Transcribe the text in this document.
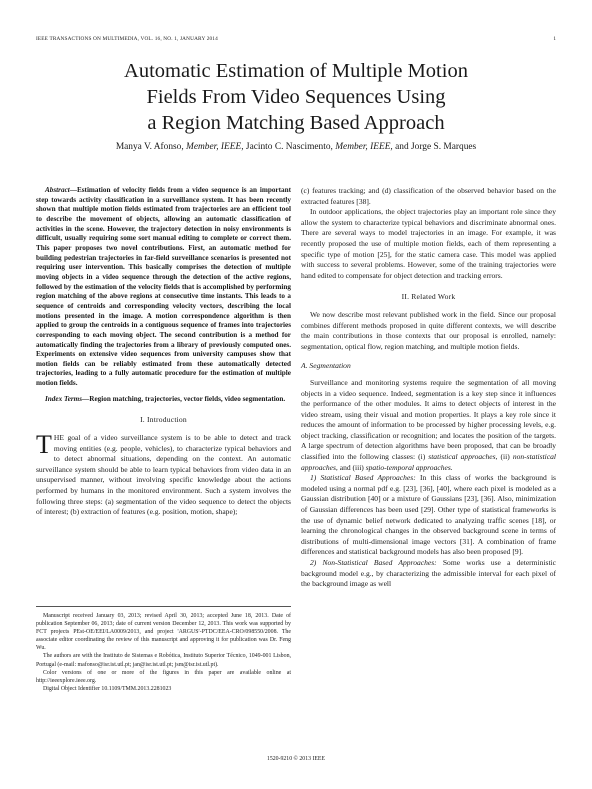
IEEE TRANSACTIONS ON MULTIMEDIA, VOL. 16, NO. 1, JANUARY 2014	1
Automatic Estimation of Multiple Motion
Fields From Video Sequences Using
a Region Matching Based Approach
Manya V. Afonso, Member, IEEE, Jacinto C. Nascimento, Member, IEEE, and Jorge S. Marques

Abstract—Estimation of velocity fields from a video sequence is an important step towards activity classification in a surveillance system. It has been recently shown that multiple motion fields estimated from trajectories are an efficient tool to describe the movement of objects, allowing an automatic classification of activities in the scene. However, the trajectory detection in noisy environments is difficult, usually requiring some sort manual editing to complete or correct them. This paper proposes two novel contributions. First, an automatic method for building pedestrian trajectories in far-field surveillance scenarios is presented not requiring user intervention. This basically comprises the detection of multiple moving objects in a video sequence through the detection of the active regions, followed by the estimation of the velocity fields that is accomplished by performing region matching of the above regions at consecutive time instants. This leads to a sequence of centroids and corresponding velocity vectors, describing the local motions presented in the image. A motion correspondence algorithm is then applied to group the centroids in a contiguous sequence of frames into trajectories corresponding to each moving object. The second contribution is a method for automatically finding the trajectories from a library of previously computed ones. Experiments on extensive video sequences from university campuses show that motion fields can be reliably estimated from these automatically detected trajectories, leading to a fully automatic procedure for the estimation of multiple motion fields.

Index Terms—Region matching, trajectories, vector fields, video segmentation.

I. Introduction

THE goal of a video surveillance system is to be able to detect and track moving entities (e.g. people, vehicles), to characterize typical behaviors and to detect abnormal situations, depending on the context. An automatic surveillance system should be able to learn typical behaviors from video data in an unsupervised manner, without involving specific knowledge about the actions performed by humans in the monitored environment. Such a system involves the following three steps: (a) segmentation of the video sequence to detect the objects of interest; (b) extraction of features (e.g. position, motion, shape);

Manuscript received January 03, 2013; revised April 30, 2013; accepted June 18, 2013. Date of publication September 06, 2013; date of current version December 12, 2013. This work was supported by FCT projects PEst-OE/EEI/LA0009/2013, and project 'ARGUS'-PTDC/EEA-CRO/098550/2008. The associate editor coordinating the review of this manuscript and approving it for publication was Dr. Feng Wu.

The authors are with the Instituto de Sistemas e Robótica, Instituto Superior Técnico, 1049-001 Lisbon, Portugal (e-mail: mafonso@isr.ist.utl.pt; jan@isr.ist.utl.pt; jsm@isr.ist.utl.pt).

Color versions of one or more of the figures in this paper are available online at http://ieeexplore.ieee.org.

Digital Object Identifier 10.1109/TMM.2013.2281023

(c) features tracking; and (d) classification of the observed behavior based on the extracted features [38].

In outdoor applications, the object trajectories play an important role since they allow the system to characterize typical behaviors and discriminate abnormal ones. There are several ways to model trajectories in an image. For example, it was recently proposed the use of multiple motion fields, each of them representing a specific type of motion [25], for the static camera case. This model was applied with success to several problems. However, some of the training trajectories were hand edited to compensate for object detection and tracking errors.

II. Related Work

We now describe most relevant published work in the field. Since our proposal combines different methods proposed in quite different contexts, we will describe the main contributions in those contexts that our proposal is enrolled, namely: segmentation, optical flow, region matching, and multiple motion fields.

A. Segmentation

Surveillance and monitoring systems require the segmentation of all moving objects in a video sequence. Indeed, segmentation is a key step since it influences the performance of the other modules. It aims to detect objects of interest in the video stream, using their visual and motion properties. It plays a key role since it reduces the amount of information to be processed by higher processing levels, e.g. object tracking, classification or recognition; and locates the position of the targets. A large spectrum of detection algorithms have been proposed, that can be broadly classified into the following classes: (i) statistical approaches, (ii) non-statistical approaches, and (iii) spatio-temporal approaches.

1) Statistical Based Approaches: In this class of works the background is modeled using a normal pdf e.g. [23], [36], [40], where each pixel is modeled as a Gaussian distribution [40] or a mixture of Gaussians [23], [36]. Also, minimization of Gaussian differences has been used [29]. Other type of statistical frameworks is the use of dynamic belief network dedicated to analyzing traffic scenes [18], or learning the chronological changes in the observed background scene in terms of distributions of multi-dimensional image vectors [31]. A combination of frame differences and statistical background models has also been proposed [9].

2) Non-Statistical Based Approaches: Some works use a deterministic background model e.g., by characterizing the admissible interval for each pixel of the background image as well

1520-9210 © 2013 IEEE
